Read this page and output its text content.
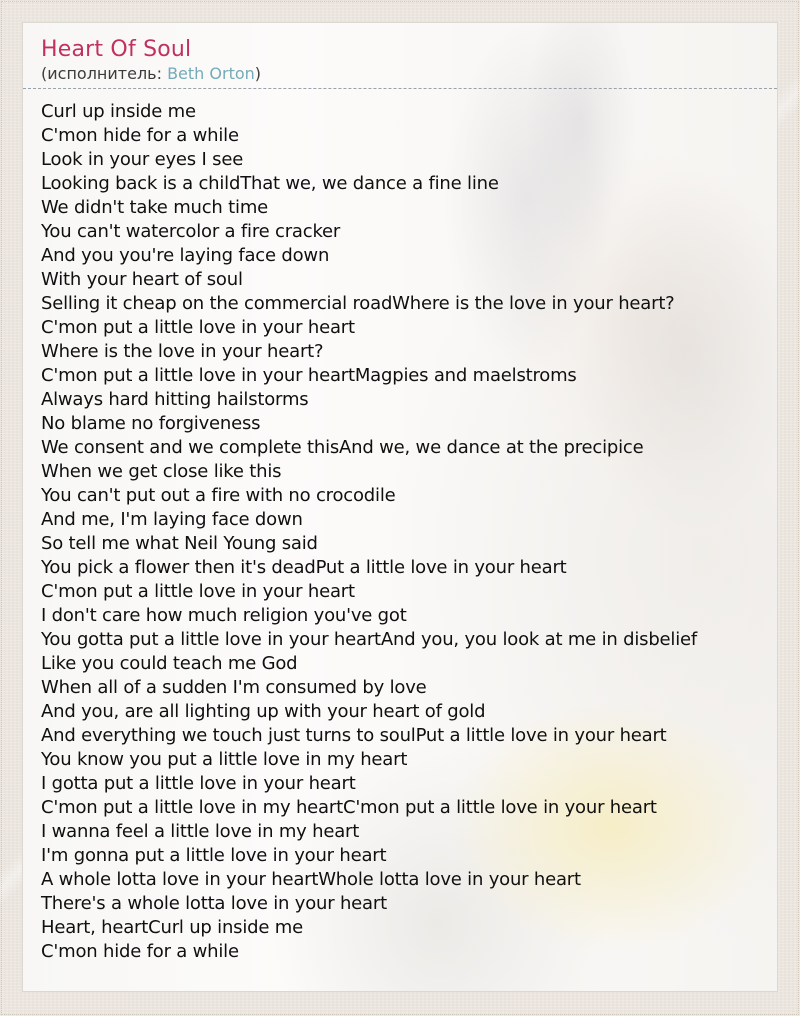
Heart Of Soul
(исполнитель: Beth Orton)
Curl up inside me
C'mon hide for a while
Look in your eyes I see
Looking back is a childThat we, we dance a fine line
We didn't take much time
You can't watercolor a fire cracker
And you you're laying face down
With your heart of soul
Selling it cheap on the commercial roadWhere is the love in your heart?
C'mon put a little love in your heart
Where is the love in your heart?
C'mon put a little love in your heartMagpies and maelstroms
Always hard hitting hailstorms
No blame no forgiveness
We consent and we complete thisAnd we, we dance at the precipice
When we get close like this
You can't put out a fire with no crocodile
And me, I'm laying face down
So tell me what Neil Young said
You pick a flower then it's deadPut a little love in your heart
C'mon put a little love in your heart
I don't care how much religion you've got
You gotta put a little love in your heartAnd you, you look at me in disbelief
Like you could teach me God
When all of a sudden I'm consumed by love
And you, are all lighting up with your heart of gold
And everything we touch just turns to soulPut a little love in your heart
You know you put a little love in my heart
I gotta put a little love in your heart
C'mon put a little love in my heartC'mon put a little love in your heart
I wanna feel a little love in my heart
I'm gonna put a little love in your heart
A whole lotta love in your heartWhole lotta love in your heart
There's a whole lotta love in your heart
Heart, heartCurl up inside me
C'mon hide for a while
